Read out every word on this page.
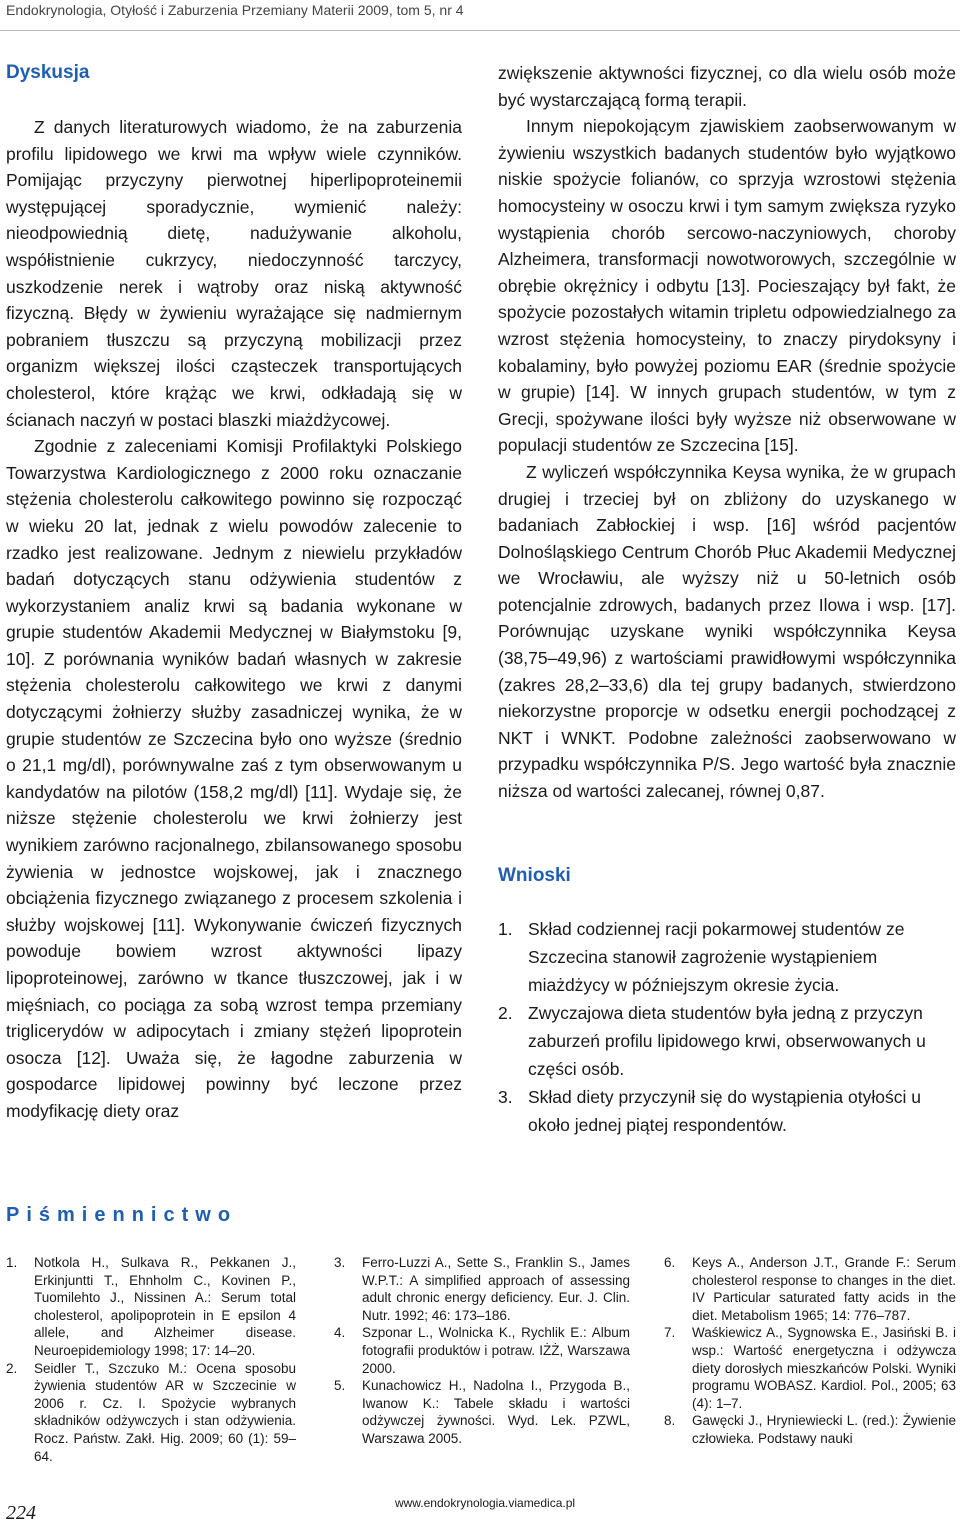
Endokrynologia, Otyłość i Zaburzenia Przemiany Materii 2009, tom 5, nr 4
Dyskusja

Z danych literaturowych wiadomo, że na zaburzenia profilu lipidowego we krwi ma wpływ wiele czynników. Pomijając przyczyny pierwotnej hiperlipoproteinemii występującej sporadycznie, wymienić należy: nieodpowiednią dietę, nadużywanie alkoholu, współistnienie cukrzycy, niedoczynność tarczycy, uszkodzenie nerek i wątroby oraz niską aktywność fizyczną. Błędy w żywieniu wyrażające się nadmiernym pobraniem tłuszczu są przyczyną mobilizacji przez organizm większej ilości cząsteczek transportujących cholesterol, które krążąc we krwi, odkładają się w ścianach naczyń w postaci blaszki miażdżycowej.

Zgodnie z zaleceniami Komisji Profilaktyki Polskiego Towarzystwa Kardiologicznego z 2000 roku oznaczanie stężenia cholesterolu całkowitego powinno się rozpocząć w wieku 20 lat, jednak z wielu powodów zalecenie to rzadko jest realizowane. Jednym z niewielu przykładów badań dotyczących stanu odżywienia studentów z wykorzystaniem analiz krwi są badania wykonane w grupie studentów Akademii Medycznej w Białymstoku [9, 10]. Z porównania wyników badań własnych w zakresie stężenia cholesterolu całkowitego we krwi z danymi dotyczącymi żołnierzy służby zasadniczej wynika, że w grupie studentów ze Szczecina było ono wyższe (średnio o 21,1 mg/dl), porównywalne zaś z tym obserwowanym u kandydatów na pilotów (158,2 mg/dl) [11]. Wydaje się, że niższe stężenie cholesterolu we krwi żołnierzy jest wynikiem zarówno racjonalnego, zbilansowanego sposobu żywienia w jednostce wojskowej, jak i znacznego obciążenia fizycznego związanego z procesem szkolenia i służby wojskowej [11]. Wykonywanie ćwiczeń fizycznych powoduje bowiem wzrost aktywności lipazy lipoproteinowej, zarówno w tkance tłuszczowej, jak i w mięśniach, co pociąga za sobą wzrost tempa przemiany triglicerydów w adipocytach i zmiany stężeń lipoprotein osocza [12]. Uważa się, że łagodne zaburzenia w gospodarce lipidowej powinny być leczone przez modyfikację diety oraz

zwiększenie aktywności fizycznej, co dla wielu osób może być wystarczającą formą terapii.

Innym niepokojącym zjawiskiem zaobserwowanym w żywieniu wszystkich badanych studentów było wyjątkowo niskie spożycie folianów, co sprzyja wzrostowi stężenia homocysteiny w osoczu krwi i tym samym zwiększa ryzyko wystąpienia chorób sercowo-naczyniowych, choroby Alzheimera, transformacji nowotworowych, szczególnie w obrębie okrężnicy i odbytu [13]. Pocieszający był fakt, że spożycie pozostałych witamin tripletu odpowiedzialnego za wzrost stężenia homocysteiny, to znaczy pirydoksyny i kobalaminy, było powyżej poziomu EAR (średnie spożycie w grupie) [14]. W innych grupach studentów, w tym z Grecji, spożywane ilości były wyższe niż obserwowane w populacji studentów ze Szczecina [15].

Z wyliczeń współczynnika Keysa wynika, że w grupach drugiej i trzeciej był on zbliżony do uzyskanego w badaniach Zabłockiej i wsp. [16] wśród pacjentów Dolnośląskiego Centrum Chorób Płuc Akademii Medycznej we Wrocławiu, ale wyższy niż u 50-letnich osób potencjalnie zdrowych, badanych przez Ilowa i wsp. [17]. Porównując uzyskane wyniki współczynnika Keysa (38,75–49,96) z wartościami prawidłowymi współczynnika (zakres 28,2–33,6) dla tej grupy badanych, stwierdzono niekorzystne proporcje w odsetku energii pochodzącej z NKT i WNKT. Podobne zależności zaobserwowano w przypadku współczynnika P/S. Jego wartość była znacznie niższa od wartości zalecanej, równej 0,87.

Wnioski
1. Skład codziennej racji pokarmowej studentów ze Szczecina stanowił zagrożenie wystąpieniem miażdżycy w późniejszym okresie życia.
2. Zwyczajowa dieta studentów była jedną z przyczyn zaburzeń profilu lipidowego krwi, obserwowanych u części osób.
3. Skład diety przyczynił się do wystąpienia otyłości u około jednej piątej respondentów.
Piśmiennictwo
1. Notkola H., Sulkava R., Pekkanen J., Erkinjuntti T., Ehnholm C., Kovinen P., Tuomilehto J., Nissinen A.: Serum total cholesterol, apolipoprotein in E epsilon 4 allele, and Alzheimer disease. Neuroepidemiology 1998; 17: 14–20.
2. Seidler T., Szczuko M.: Ocena sposobu żywienia studentów AR w Szczecinie w 2006 r. Cz. I. Spożycie wybranych składników odżywczych i stan odżywienia. Rocz. Państw. Zakł. Hig. 2009; 60 (1): 59–64.
3. Ferro-Luzzi A., Sette S., Franklin S., James W.P.T.: A simplified approach of assessing adult chronic energy deficiency. Eur. J. Clin. Nutr. 1992; 46: 173–186.
4. Szponar L., Wolnicka K., Rychlik E.: Album fotografii produktów i potraw. IŻŻ, Warszawa 2000.
5. Kunachowicz H., Nadolna I., Przygoda B., Iwanow K.: Tabele składu i wartości odżywczej żywności. Wyd. Lek. PZWL, Warszawa 2005.
6. Keys A., Anderson J.T., Grande F.: Serum cholesterol response to changes in the diet. IV Particular saturated fatty acids in the diet. Metabolism 1965; 14: 776–787.
7. Waśkiewicz A., Sygnowska E., Jasiński B. i wsp.: Wartość energetyczna i odżywcza diety dorosłych mieszkańców Polski. Wyniki programu WOBASZ. Kardiol. Pol., 2005; 63 (4): 1–7.
8. Gawęcki J., Hryniewiecki L. (red.): Żywienie człowieka. Podstawy nauki
224	www.endokrynologia.viamedica.pl
